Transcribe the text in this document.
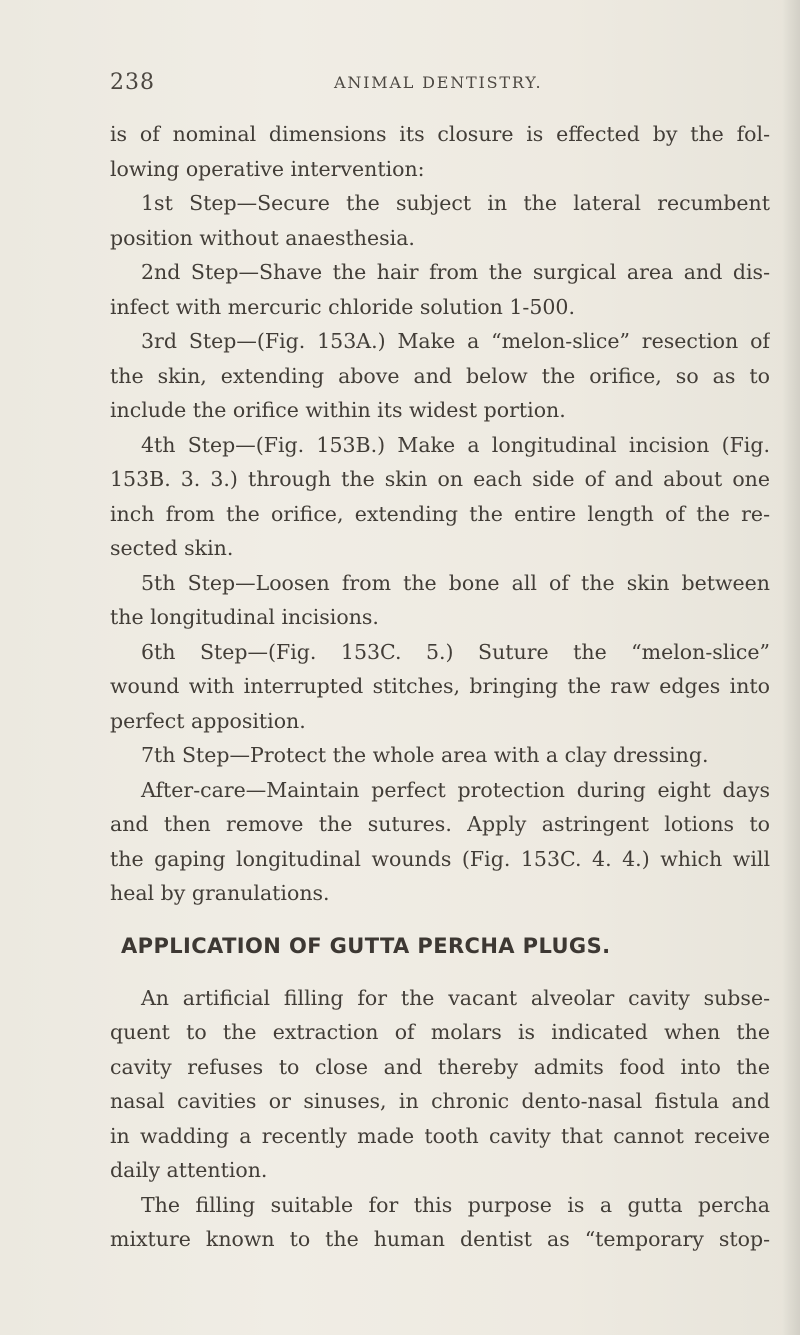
238	ANIMAL DENTISTRY.
is of nominal dimensions its closure is effected by the fol-
lowing operative intervention:
1st Step—Secure the subject in the lateral recumbent
position without anaesthesia.
2nd Step—Shave the hair from the surgical area and dis-
infect with mercuric chloride solution 1-500.
3rd Step—(Fig. 153A.) Make a “melon-slice” resection of
the skin, extending above and below the orifice, so as to
include the orifice within its widest portion.
4th Step—(Fig. 153B.) Make a longitudinal incision (Fig.
153B. 3. 3.) through the skin on each side of and about one
inch from the orifice, extending the entire length of the re-
sected skin.
5th Step—Loosen from the bone all of the skin between
the longitudinal incisions.
6th Step—(Fig. 153C. 5.) Suture the “melon-slice”
wound with interrupted stitches, bringing the raw edges into
perfect apposition.
7th Step—Protect the whole area with a clay dressing.
After-care—Maintain perfect protection during eight days
and then remove the sutures. Apply astringent lotions to
the gaping longitudinal wounds (Fig. 153C. 4. 4.) which will
heal by granulations.
APPLICATION OF GUTTA PERCHA PLUGS.
An artificial filling for the vacant alveolar cavity subse-
quent to the extraction of molars is indicated when the
cavity refuses to close and thereby admits food into the
nasal cavities or sinuses, in chronic dento-nasal fistula and
in wadding a recently made tooth cavity that cannot receive
daily attention.
The filling suitable for this purpose is a gutta percha
mixture known to the human dentist as “temporary stop-
